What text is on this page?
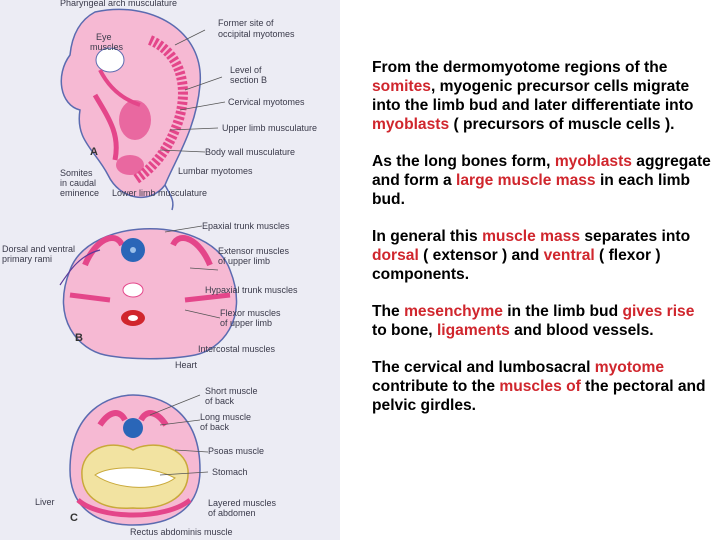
Pharyngeal arch musculature
Former site of
occipital myotomes
Eye
muscles
Level of
section B
Cervical myotomes
Upper limb musculature
Body wall musculature
Lumbar myotomes
Somites
in caudal
eminence Lower limb musculature
A
Epaxial trunk muscles
Dorsal and ventral
primary rami
Extensor muscles
of upper limb
Hypaxial trunk muscles
Flexor muscles
of upper limb
Intercostal muscles
Heart
B
Short muscle
of back
Long muscle
of back
Psoas muscle
Stomach
Liver	Layered muscles
of abdomen
Rectus abdominis muscle
C

From the dermomyotome regions of the somites, myogenic precursor cells migrate into the limb bud and later differentiate into myoblasts ( precursors of muscle cells ).

As the long bones form, myoblasts aggregate and form a large muscle mass in each limb bud.

In general this muscle mass separates into dorsal ( extensor ) and ventral ( flexor ) components.

The mesenchyme in the limb bud gives rise to bone, ligaments and blood vessels.

The cervical and lumbosacral myotome contribute to the muscles of the pectoral and pelvic girdles.
